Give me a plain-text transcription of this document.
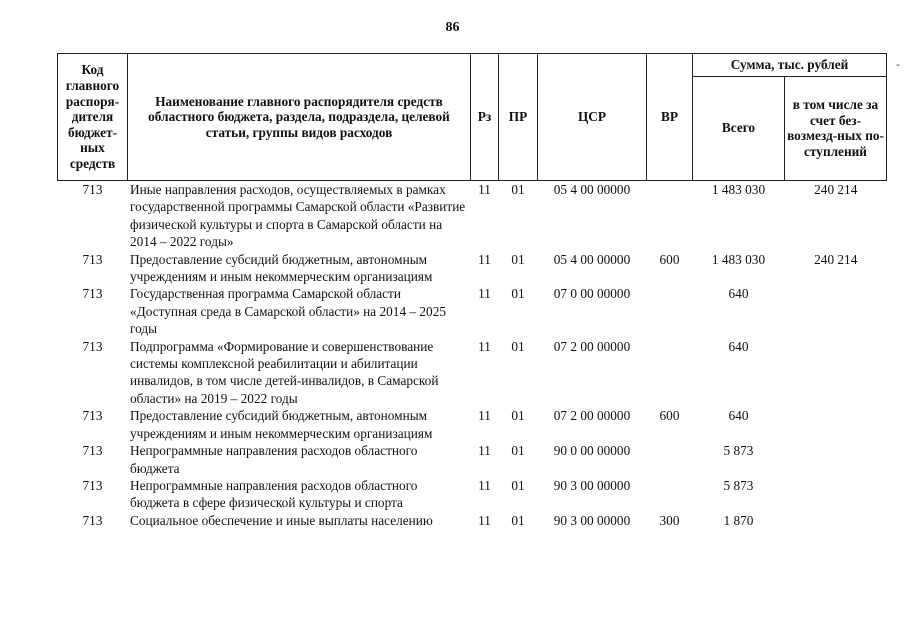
86
-
Код главного распоря-дителя бюджет-ных средств	Наименование главного распорядителя средств областного бюджета, раздела, подраздела, целевой статьи, группы видов расходов	Рз	ПР	ЦСР	ВР	Сумма, тыс. рублей	
						Всего	в том числе за счет без-возмезд-ных по-ступлений
713	Иные направления расходов, осуществляемых в рамках государственной программы Самарской области «Развитие физической культуры и спорта в Самарской области на 2014 – 2022 годы»	11	01	05 4 00 00000		1 483 030	240 214
713	Предоставление субсидий бюджетным, автономным учреждениям и иным некоммерческим организациям	11	01	05 4 00 00000	600	1 483 030	240 214
713	Государственная программа Самарской области «Доступная среда в Самарской области» на 2014 – 2025 годы	11	01	07 0 00 00000		640	
713	Подпрограмма «Формирование и совершенствование системы комплексной реабилитации и абилитации инвалидов, в том числе детей-инвалидов, в Самарской области» на 2019 – 2022 годы	11	01	07 2 00 00000		640	
713	Предоставление субсидий бюджетным, автономным учреждениям и иным некоммерческим организациям	11	01	07 2 00 00000	600	640	
713	Непрограммные направления расходов областного бюджета	11	01	90 0 00 00000		5 873	
713	Непрограммные направления расходов областного бюджета в сфере физической культуры и спорта	11	01	90 3 00 00000		5 873	
713	Социальное обеспечение и иные выплаты населению	11	01	90 3 00 00000	300	1 870	
